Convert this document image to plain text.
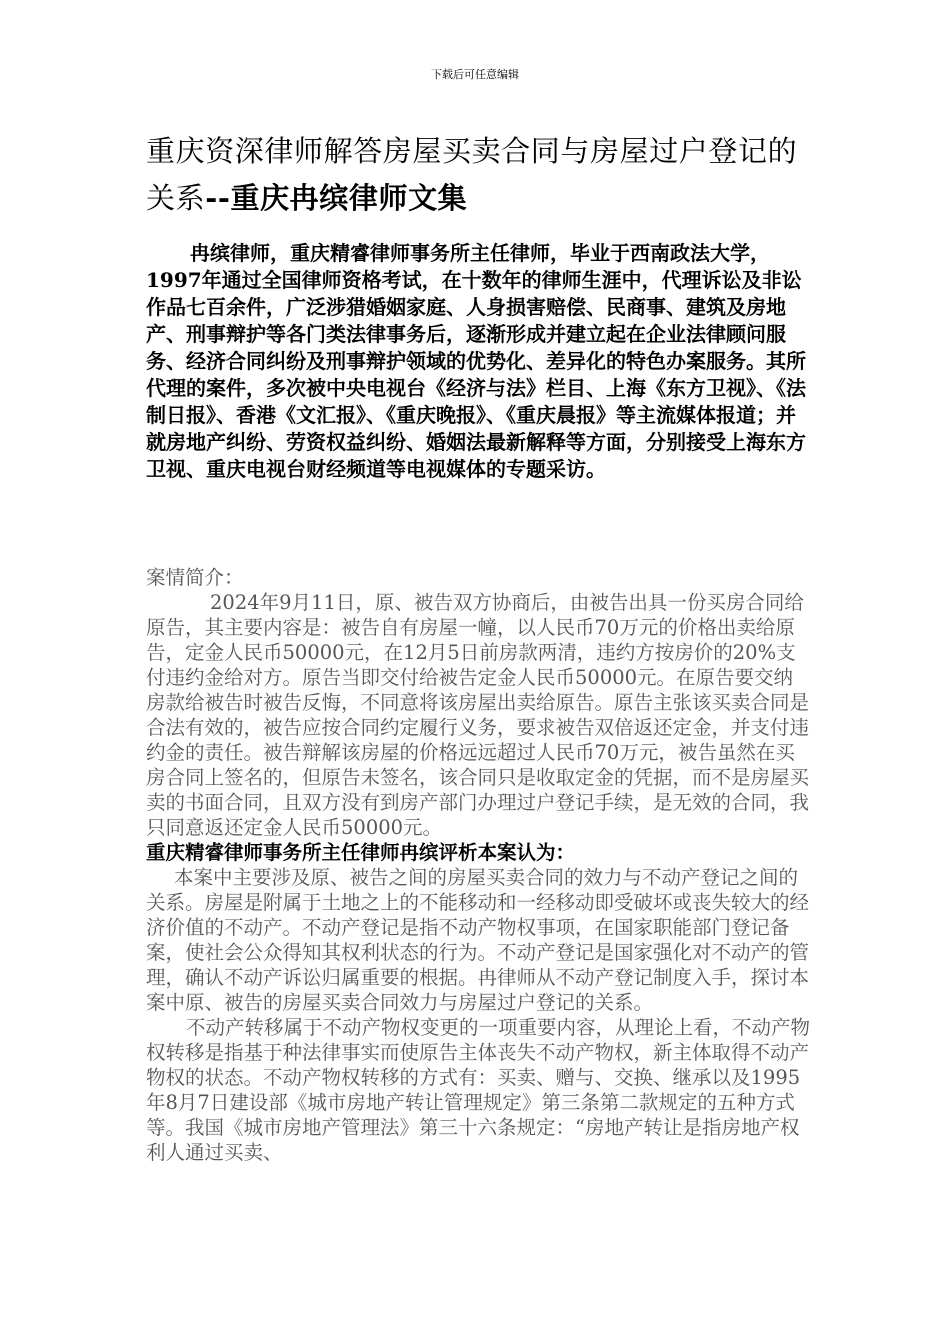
下载后可任意编辑
重庆资深律师解答房屋买卖合同与房屋过户登记的关系--重庆冉缤律师文集

冉缤律师，重庆精睿律师事务所主任律师，毕业于西南政法大学，1997年通过全国律师资格考试，在十数年的律师生涯中，代理诉讼及非讼作品七百余件，广泛涉猎婚姻家庭、人身损害赔偿、民商事、建筑及房地产、刑事辩护等各门类法律事务后，逐渐形成并建立起在企业法律顾问服务、经济合同纠纷及刑事辩护领域的优势化、差异化的特色办案服务。其所代理的案件，多次被中央电视台《经济与法》栏目、上海《东方卫视》、《法制日报》、香港《文汇报》、《重庆晚报》、《重庆晨报》等主流媒体报道；并就房地产纠纷、劳资权益纠纷、婚姻法最新解释等方面，分别接受上海东方卫视、重庆电视台财经频道等电视媒体的专题采访。

案情简介：

2024年9月11日，原、被告双方协商后，由被告出具一份买房合同给原告，其主要内容是：被告自有房屋一幢，以人民币70万元的价格出卖给原告，定金人民币50000元，在12月5日前房款两清，违约方按房价的20%支付违约金给对方。原告当即交付给被告定金人民币50000元。在原告要交纳房款给被告时被告反悔，不同意将该房屋出卖给原告。原告主张该买卖合同是合法有效的，被告应按合同约定履行义务，要求被告双倍返还定金，并支付违约金的责任。被告辩解该房屋的价格远远超过人民币70万元，被告虽然在买房合同上签名的，但原告未签名，该合同只是收取定金的凭据，而不是房屋买卖的书面合同，且双方没有到房产部门办理过户登记手续，是无效的合同，我只同意返还定金人民币50000元。

重庆精睿律师事务所主任律师冉缤评析本案认为：

本案中主要涉及原、被告之间的房屋买卖合同的效力与不动产登记之间的关系。房屋是附属于土地之上的不能移动和一经移动即受破坏或丧失较大的经济价值的不动产。不动产登记是指不动产物权事项，在国家职能部门登记备案，使社会公众得知其权利状态的行为。不动产登记是国家强化对不动产的管理，确认不动产诉讼归属重要的根据。冉律师从不动产登记制度入手，探讨本案中原、被告的房屋买卖合同效力与房屋过户登记的关系。

不动产转移属于不动产物权变更的一项重要内容，从理论上看，不动产物权转移是指基于种法律事实而使原告主体丧失不动产物权，新主体取得不动产物权的状态。不动产物权转移的方式有：买卖、赠与、交换、继承以及1995年8月7日建设部《城市房地产转让管理规定》第三条第二款规定的五种方式等。我国《城市房地产管理法》第三十六条规定：“房地产转让是指房地产权利人通过买卖、
